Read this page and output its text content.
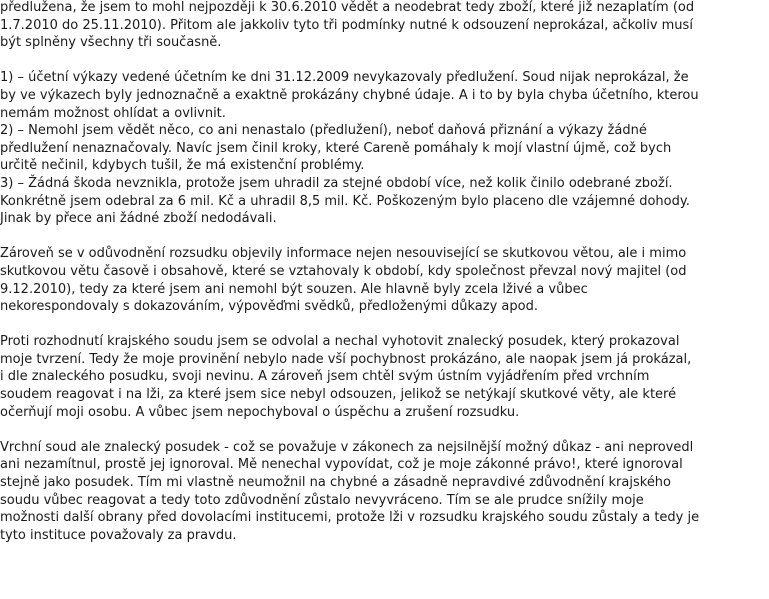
předlužena, že jsem to mohl nejpozději k 30.6.2010 vědět a neodebrat tedy zboží, které již nezaplatím (od
1.7.2010 do 25.11.2010). Přitom ale jakkoliv tyto tři podmínky nutné k odsouzení neprokázal, ačkoliv musí
být splněny všechny tři současně.
1) – účetní výkazy vedené účetním ke dni 31.12.2009 nevykazovaly předlužení. Soud nijak neprokázal, že
by ve výkazech byly jednoznačně a exaktně prokázány chybné údaje. A i to by byla chyba účetního, kterou
nemám možnost ohlídat a ovlivnit.
2) – Nemohl jsem vědět něco, co ani nenastalo (předlužení), neboť daňová přiznání a výkazy žádné
předlužení nenaznačovaly. Navíc jsem činil kroky, které Careně pomáhaly k mojí vlastní újmě, což bych
určitě nečinil, kdybych tušil, že má existenční problémy.
3) – Žádná škoda nevznikla, protože jsem uhradil za stejné období více, než kolik činilo odebrané zboží.
Konkrétně jsem odebral za 6 mil. Kč a uhradil 8,5 mil. Kč. Poškozeným bylo placeno dle vzájemné dohody.
Jinak by přece ani žádné zboží nedodávali.
Zároveň se v odůvodnění rozsudku objevily informace nejen nesouvisející se skutkovou větou, ale i mimo
skutkovou větu časově i obsahově, které se vztahovaly k období, kdy společnost převzal nový majitel (od
9.12.2010), tedy za které jsem ani nemohl být souzen. Ale hlavně byly zcela lživé a vůbec
nekorespondovaly s dokazováním, výpověďmi svědků, předloženými důkazy apod.
Proti rozhodnutí krajského soudu jsem se odvolal a nechal vyhotovit znalecký posudek, který prokazoval
moje tvrzení. Tedy že moje provinění nebylo nade vší pochybnost prokázáno, ale naopak jsem já prokázal,
i dle znaleckého posudku, svoji nevinu. A zároveň jsem chtěl svým ústním vyjádřením před vrchním
soudem reagovat i na lži, za které jsem sice nebyl odsouzen, jelikož se netýkají skutkové věty, ale které
očerňují moji osobu. A vůbec jsem nepochyboval o úspěchu a zrušení rozsudku.
Vrchní soud ale znalecký posudek - což se považuje v zákonech za nejsilnější možný důkaz - ani neprovedl
ani nezamítnul, prostě jej ignoroval. Mě nenechal vypovídat, což je moje zákonné právo!, které ignoroval
stejně jako posudek. Tím mi vlastně neumožnil na chybné a zásadně nepravdivé zdůvodnění krajského
soudu vůbec reagovat a tedy toto zdůvodnění zůstalo nevyvráceno. Tím se ale prudce snížily moje
možnosti další obrany před dovolacími institucemi, protože lži v rozsudku krajského soudu zůstaly a tedy je
tyto instituce považovaly za pravdu.
